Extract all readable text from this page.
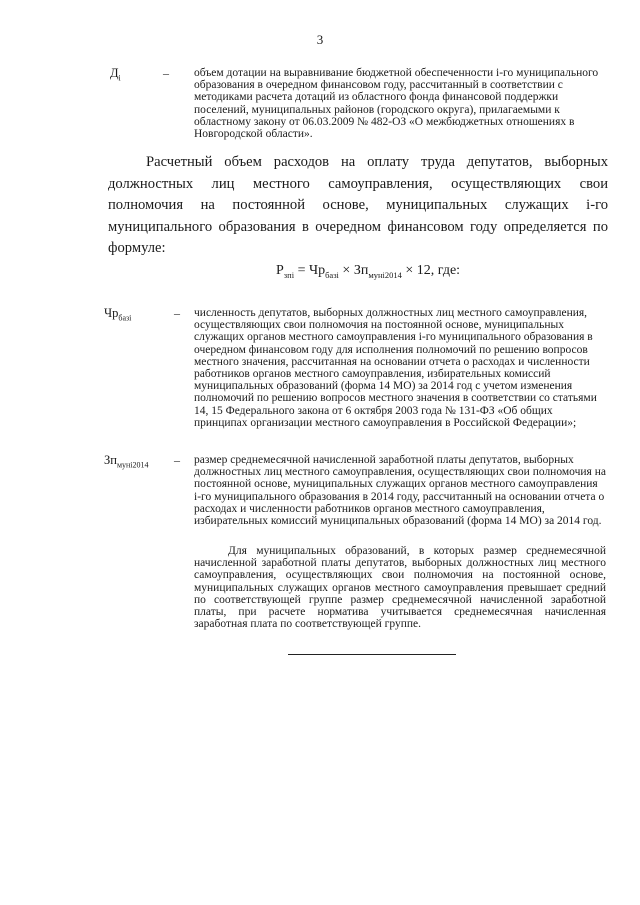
3
$Д_i$	– объем дотации на выравнивание бюджетной обеспеченности i-го муниципального образования в очередном финансовом году, рассчитанный в соответствии с методиками расчета дотаций из областного фонда финансовой поддержки поселений, муниципальных районов (городского округа), прилагаемыми к областному закону от 06.03.2009 № 482-ОЗ «О межбюджетных отношениях в Новгородской области».
Расчетный объем расходов на оплату труда депутатов, выборных должностных лиц местного самоуправления, осуществляющих свои полномочия на постоянной основе, муниципальных служащих i-го муниципального образования в очередном финансовом году определяется по формуле:
$Р_{зпi} = Чр_{базi} \times Зп_{мунi2014} \times 12$, где:
$Чр_{базi}$	– численность депутатов, выборных должностных лиц местного самоуправления, осуществляющих свои полномочия на постоянной основе, муниципальных служащих органов местного самоуправления i-го муниципального образования в очередном финансовом году для исполнения полномочий по решению вопросов местного значения, рассчитанная на основании отчета о расходах и численности работников органов местного самоуправления, избирательных комиссий муниципальных образований (форма 14 МО) за 2014 год с учетом изменения полномочий по решению вопросов местного значения в соответствии со статьями 14, 15 Федерального закона от 6 октября 2003 года № 131-ФЗ «Об общих принципах организации местного самоуправления в Российской Федерации»;
$Зп_{муні2014}$ – размер среднемесячной начисленной заработной платы депутатов, выборных должностных лиц местного самоуправления, осуществляющих свои полномочия на постоянной основе, муниципальных служащих органов местного самоуправления i-го муниципального образования в 2014 году, рассчитанный на основании отчета о расходах и численности работников органов местного самоуправления, избирательных комиссий муниципальных образований (форма 14 МО) за 2014 год.
Для муниципальных образований, в которых размер среднемесячной начисленной заработной платы депутатов, выборных должностных лиц местного самоуправления, осуществляющих свои полномочия на постоянной основе, муниципальных служащих органов местного самоуправления превышает средний по соответствующей группе размер среднемесячной начисленной заработной платы, при расчете норматива учитывается среднемесячная начисленная заработная плата по соответствующей группе.
